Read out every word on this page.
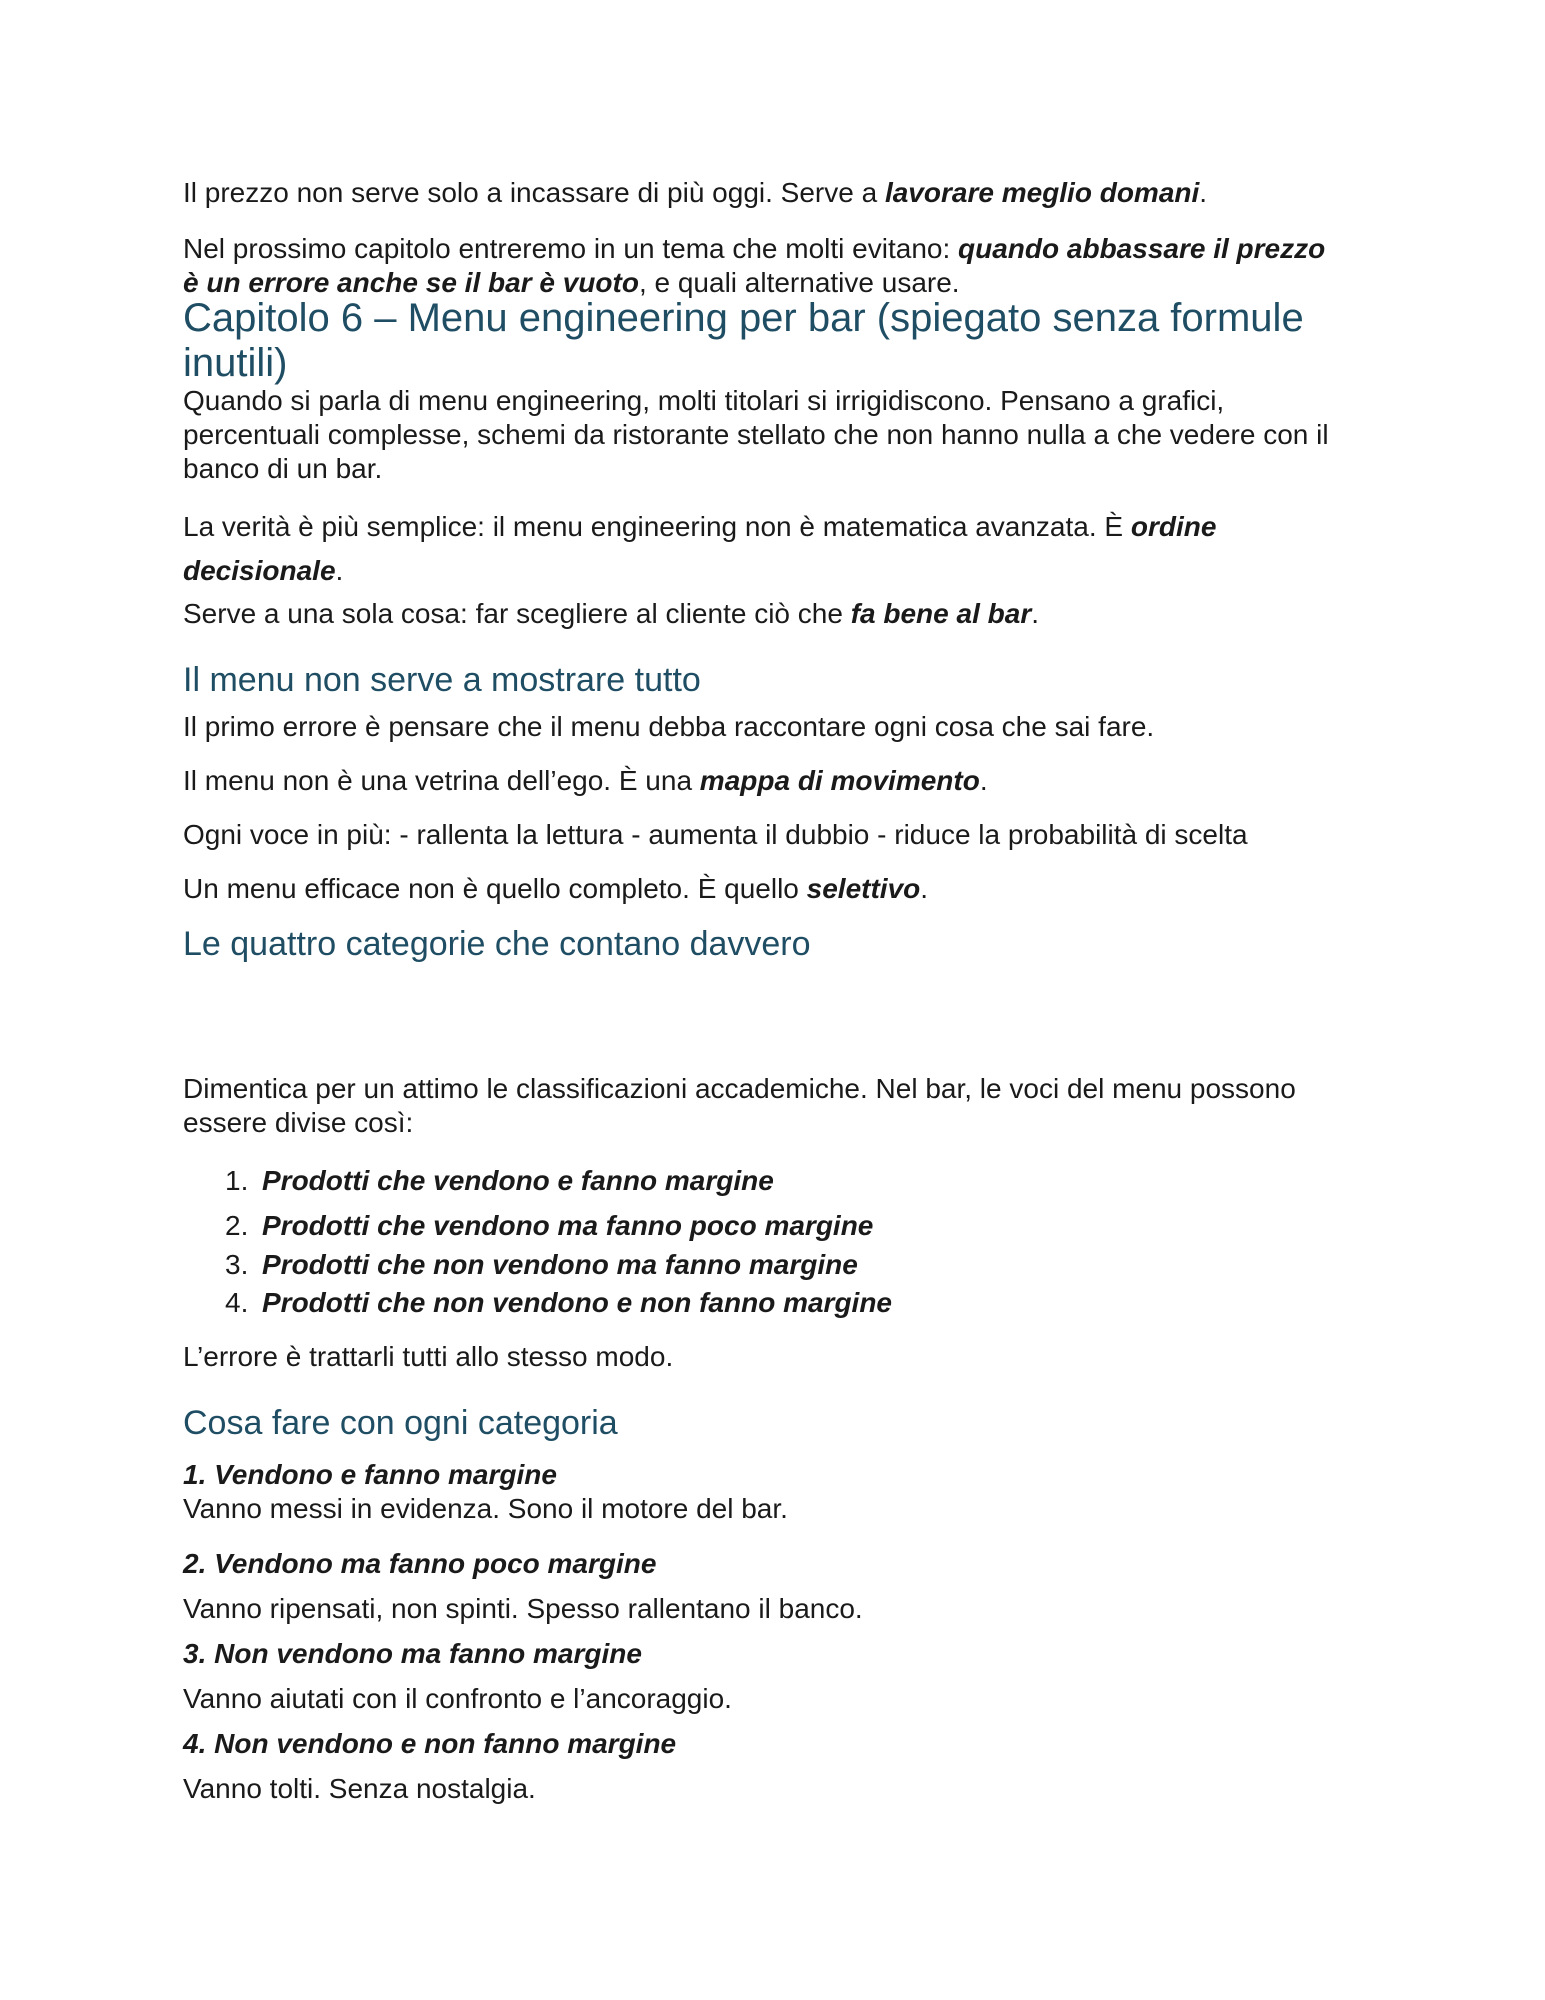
Il prezzo non serve solo a incassare di più oggi. Serve a lavorare meglio domani.

Nel prossimo capitolo entreremo in un tema che molti evitano: quando abbassare il prezzo è un errore anche se il bar è vuoto, e quali alternative usare.

Capitolo 6 – Menu engineering per bar (spiegato senza formule inutili)

Quando si parla di menu engineering, molti titolari si irrigidiscono. Pensano a grafici, percentuali complesse, schemi da ristorante stellato che non hanno nulla a che vedere con il banco di un bar.

La verità è più semplice: il menu engineering non è matematica avanzata. È ordine decisionale.

Serve a una sola cosa: far scegliere al cliente ciò che fa bene al bar.

Il menu non serve a mostrare tutto

Il primo errore è pensare che il menu debba raccontare ogni cosa che sai fare.

Il menu non è una vetrina dell’ego. È una mappa di movimento.

Ogni voce in più: - rallenta la lettura - aumenta il dubbio - riduce la probabilità di scelta

Un menu efficace non è quello completo. È quello selettivo.

Le quattro categorie che contano davvero

Dimentica per un attimo le classificazioni accademiche. Nel bar, le voci del menu possono essere divise così:

1. Prodotti che vendono e fanno margine
2. Prodotti che vendono ma fanno poco margine
3. Prodotti che non vendono ma fanno margine
4. Prodotti che non vendono e non fanno margine

L’errore è trattarli tutti allo stesso modo.

Cosa fare con ogni categoria

1. Vendono e fanno margine

Vanno messi in evidenza. Sono il motore del bar.

2. Vendono ma fanno poco margine

Vanno ripensati, non spinti. Spesso rallentano il banco.

3. Non vendono ma fanno margine

Vanno aiutati con il confronto e l’ancoraggio.

4. Non vendono e non fanno margine

Vanno tolti. Senza nostalgia.
